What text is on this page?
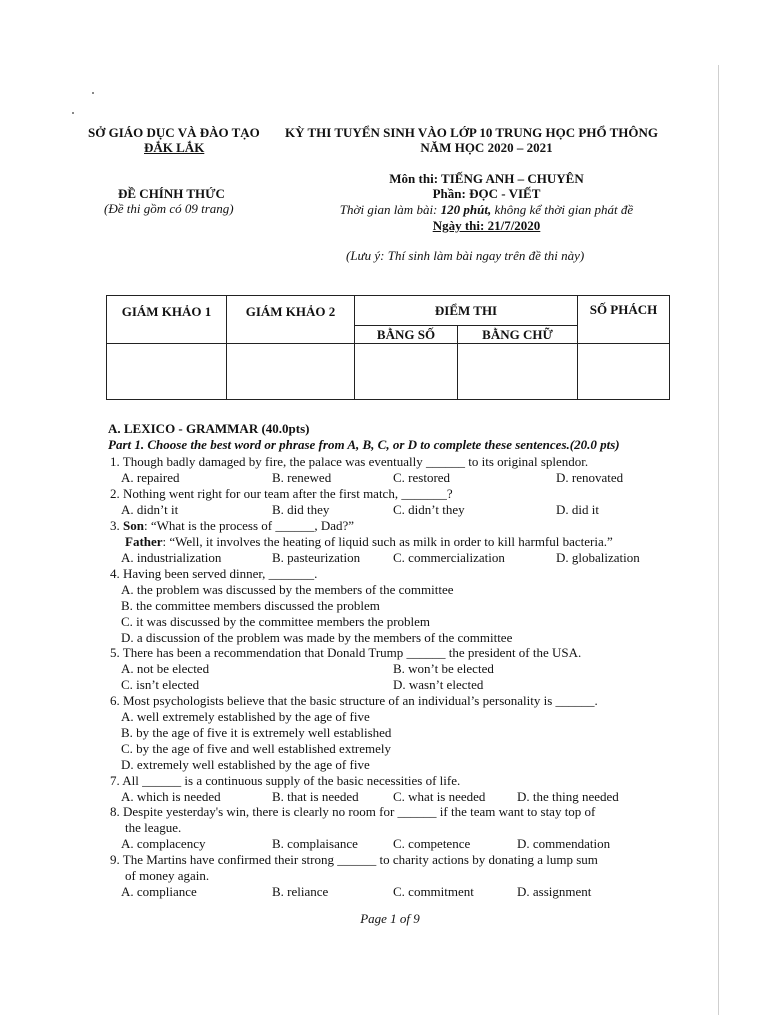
SỞ GIÁO DỤC VÀ ĐÀO TẠO
ĐẮK LẮK
ĐỀ CHÍNH THỨC
(Đề thi gồm có 09 trang)
KỲ THI TUYỂN SINH VÀO LỚP 10 TRUNG HỌC PHỔ THÔNG
NĂM HỌC 2020 – 2021
Môn thi: TIẾNG ANH – CHUYÊN
Phần: ĐỌC - VIẾT
Thời gian làm bài: 120 phút, không kể thời gian phát đề
Ngày thi: 21/7/2020
(Lưu ý: Thí sinh làm bài ngay trên đề thi này)
GIÁM KHẢO 1	GIÁM KHẢO 2	ĐIỂM THI		SỐ PHÁCH
		BẰNG SỐ	BẰNG CHỮ	

A. LEXICO - GRAMMAR (40.0pts)
Part 1. Choose the best word or phrase from A, B, C, or D to complete these sentences.(20.0 pts)
1. Though badly damaged by fire, the palace was eventually ______ to its original splendor.
A. repaired	B. renewed	C. restored	D. renovated
2. Nothing went right for our team after the first match, _______?
A. didn’t it	B. did they	C. didn’t they	D. did it
3. Son: “What is the process of ______, Dad?”
Father: “Well, it involves the heating of liquid such as milk in order to kill harmful bacteria.”
A. industrialization	B. pasteurization	C. commercialization	D. globalization
4. Having been served dinner, _______.
A. the problem was discussed by the members of the committee
B. the committee members discussed the problem
C. it was discussed by the committee members the problem
D. a discussion of the problem was made by the members of the committee
5. There has been a recommendation that Donald Trump ______ the president of the USA.
A. not be elected	B. won’t be elected
C. isn’t elected	D. wasn’t elected
6. Most psychologists believe that the basic structure of an individual’s personality is ______.
A. well extremely established by the age of five
B. by the age of five it is extremely well established
C. by the age of five and well established extremely
D. extremely well established by the age of five
7. All ______ is a continuous supply of the basic necessities of life.
A. which is needed	B. that is needed	C. what is needed D. the thing needed
8. Despite yesterday's win, there is clearly no room for ______ if the team want to stay top of
the league.
A. complacency	B. complaisance	C. competence	D. commendation
9. The Martins have confirmed their strong ______ to charity actions by donating a lump sum
of money again.
A. compliance	B. reliance	C. commitment	D. assignment
Page 1 of 9
